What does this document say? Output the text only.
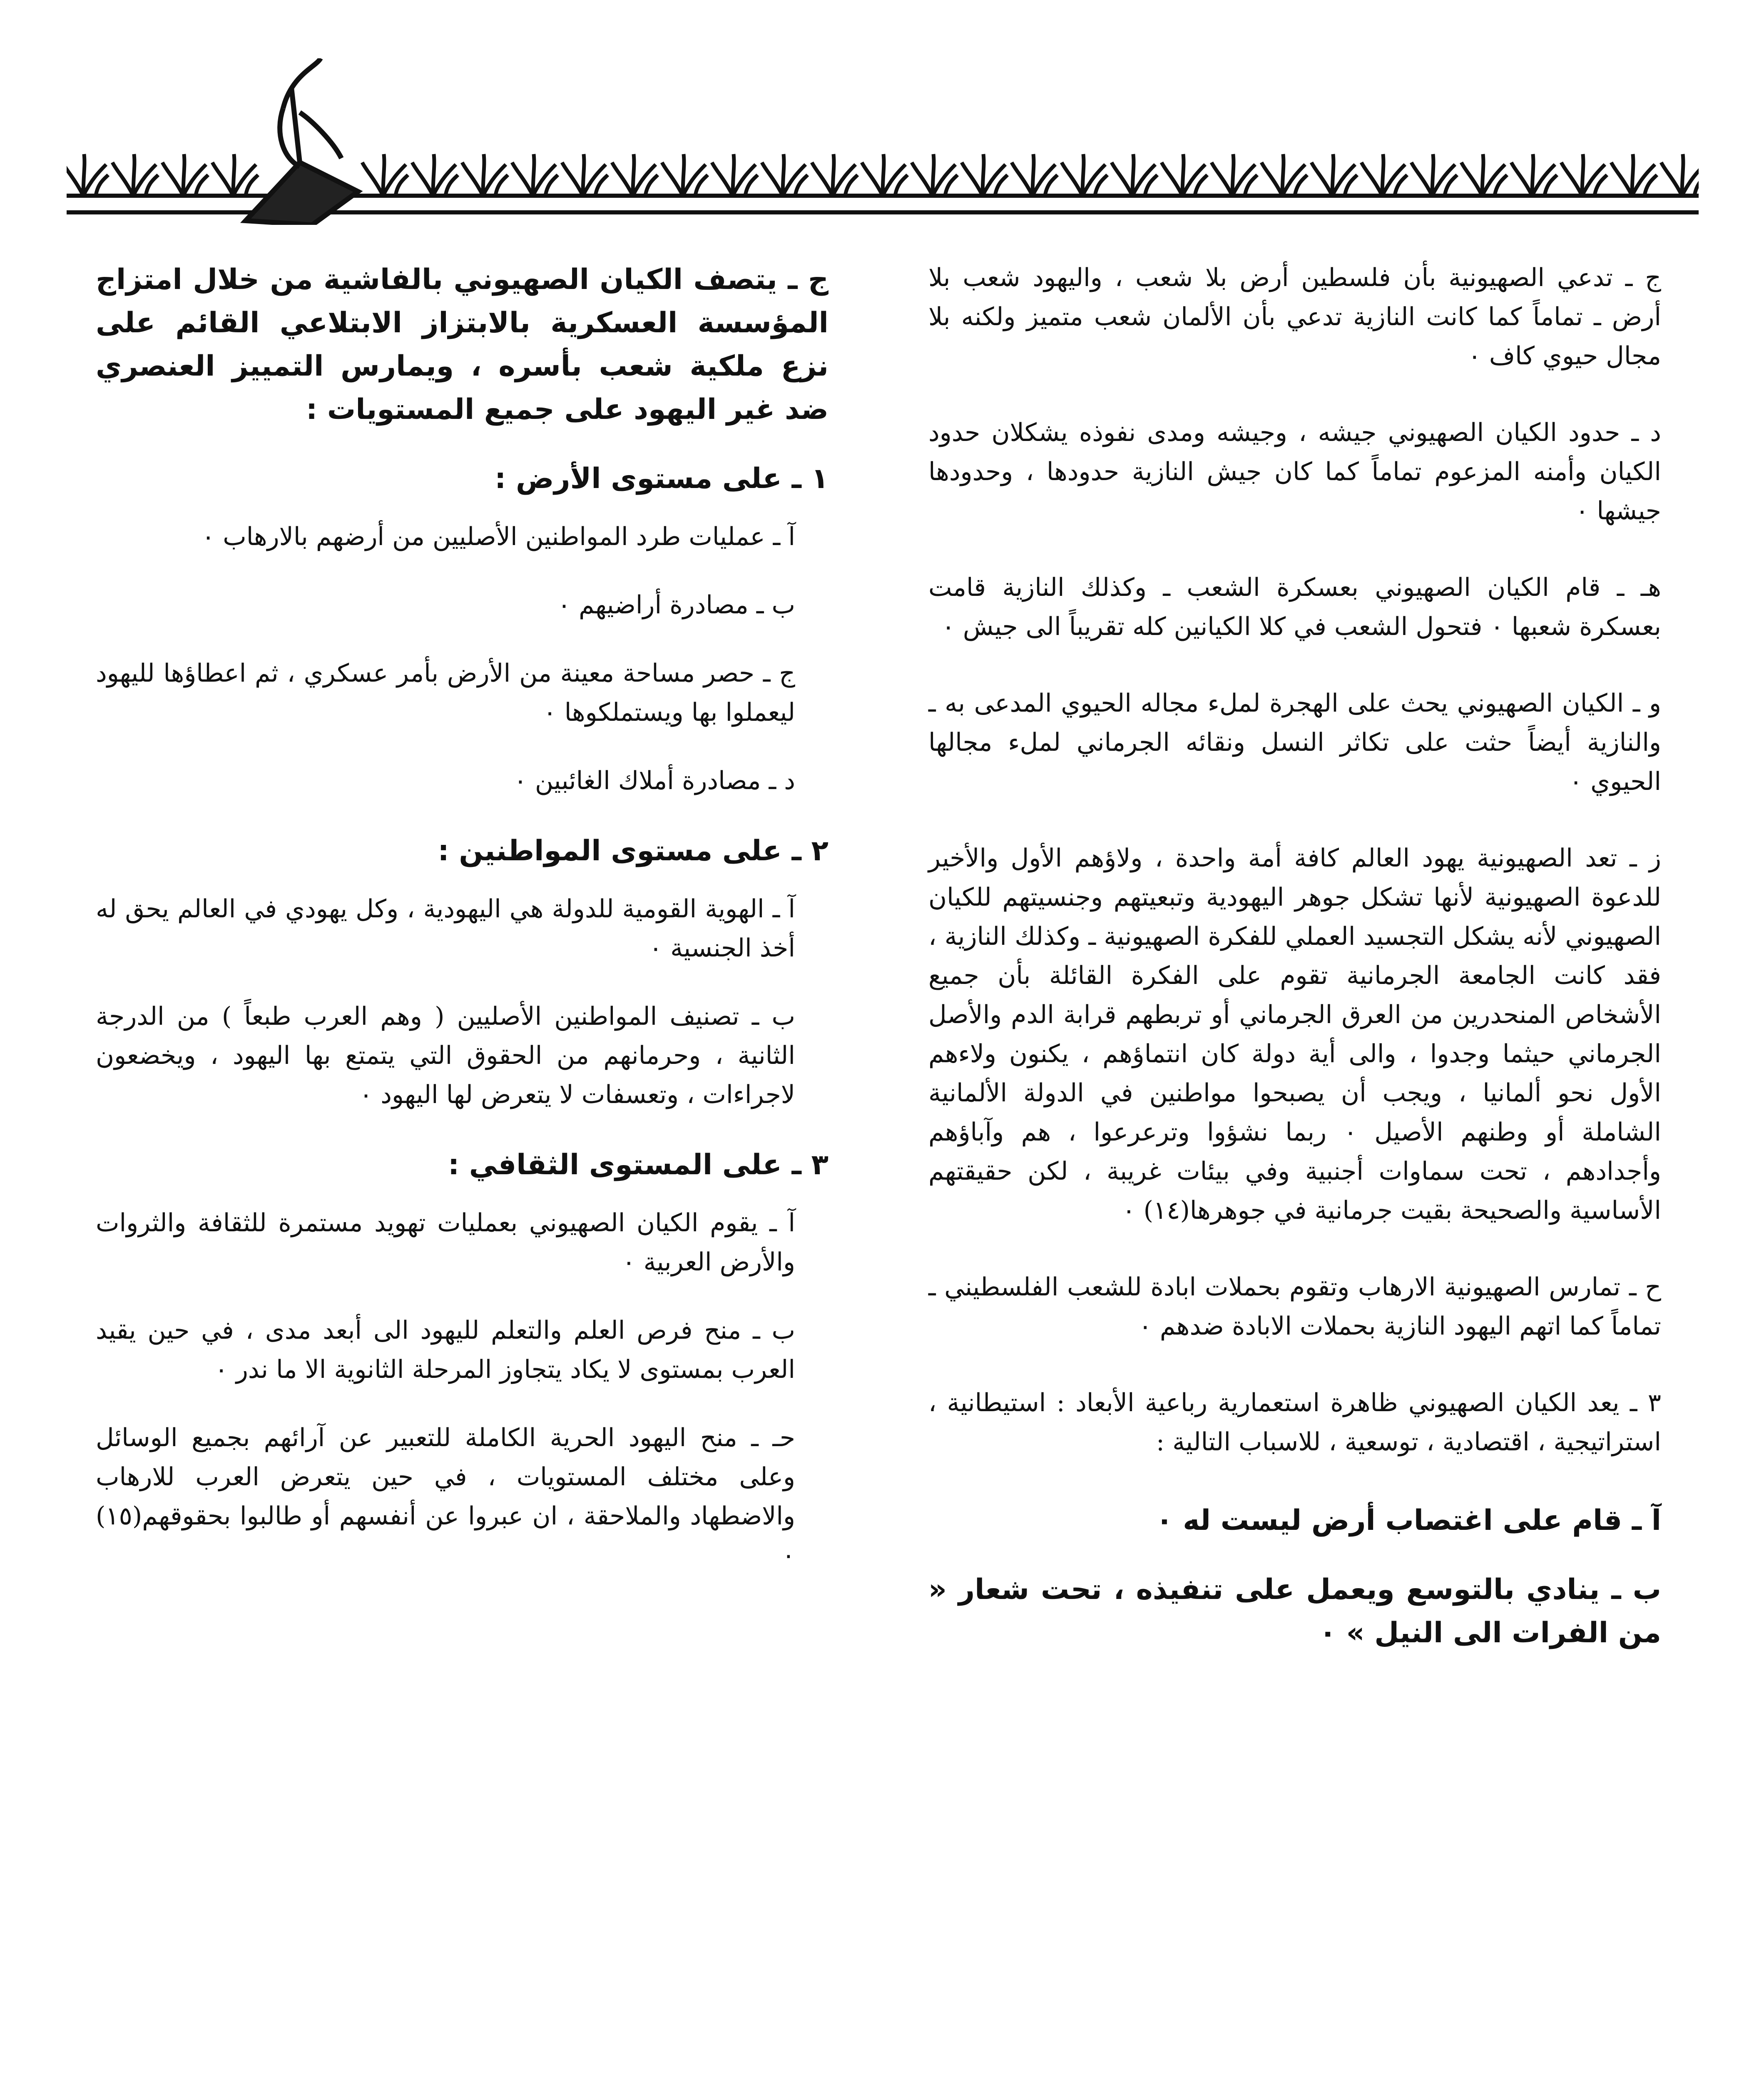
ج ـ تدعي الصهيونية بأن فلسطين أرض بلا شعب ، واليهود شعب بلا أرض ـ تماماً كما كانت النازية تدعي بأن الألمان شعب متميز ولكنه بلا مجال حيوي كاف ٠

د ـ حدود الكيان الصهيوني جيشه ، وجيشه ومدى نفوذه يشكلان حدود الكيان وأمنه المزعوم تماماً كما كان جيش النازية حدودها ، وحدودها جيشها ٠

هـ ـ قام الكيان الصهيوني بعسكرة الشعب ـ وكذلك النازية قامت بعسكرة شعبها ٠ فتحول الشعب في كلا الكيانين كله تقريباً الى جيش ٠

و ـ الكيان الصهيوني يحث على الهجرة لملء مجاله الحيوي المدعى به ـ والنازية أيضاً حثت على تكاثر النسل ونقائه الجرماني لملء مجالها الحيوي ٠

ز ـ تعد الصهيونية يهود العالم كافة أمة واحدة ، ولاؤهم الأول والأخير للدعوة الصهيونية لأنها تشكل جوهر اليهودية وتبعيتهم وجنسيتهم للكيان الصهيوني لأنه يشكل التجسيد العملي للفكرة الصهيونية ـ وكذلك النازية ، فقد كانت الجامعة الجرمانية تقوم على الفكرة القائلة بأن جميع الأشخاص المنحدرين من العرق الجرماني أو تربطهم قرابة الدم والأصل الجرماني حيثما وجدوا ، والى أية دولة كان انتماؤهم ، يكنون ولاءهم الأول نحو ألمانيا ، ويجب أن يصبحوا مواطنين في الدولة الألمانية الشاملة أو وطنهم الأصيل ٠ ربما نشؤوا وترعرعوا ، هم وآباؤهم وأجدادهم ، تحت سماوات أجنبية وفي بيئات غريبة ، لكن حقيقتهم الأساسية والصحيحة بقيت جرمانية في جوهرها(١٤) ٠

ح ـ تمارس الصهيونية الارهاب وتقوم بحملات ابادة للشعب الفلسطيني ـ تماماً كما اتهم اليهود النازية بحملات الابادة ضدهم ٠

٣ ـ يعد الكيان الصهيوني ظاهرة استعمارية رباعية الأبعاد : استيطانية ، استراتيجية ، اقتصادية ، توسعية ، للاسباب التالية :

آ ـ قام على اغتصاب أرض ليست له ٠

ب ـ ينادي بالتوسع ويعمل على تنفيذه ، تحت شعار « من الفرات الى النيل » ٠

ج ـ يتصف الكيان الصهيوني بالفاشية من خلال امتزاج المؤسسة العسكرية بالابتزاز الابتلاعي القائم على نزع ملكية شعب بأسره ، ويمارس التمييز العنصري ضد غير اليهود على جميع المستويات :

١ ـ على مستوى الأرض :

آ ـ عمليات طرد المواطنين الأصليين من أرضهم بالارهاب ٠

ب ـ مصادرة أراضيهم ٠

ج ـ حصر مساحة معينة من الأرض بأمر عسكري ، ثم اعطاؤها لليهود ليعملوا بها ويستملكوها ٠

د ـ مصادرة أملاك الغائبين ٠

٢ ـ على مستوى المواطنين :

آ ـ الهوية القومية للدولة هي اليهودية ، وكل يهودي في العالم يحق له أخذ الجنسية ٠

ب ـ تصنيف المواطنين الأصليين ( وهم العرب طبعاً ) من الدرجة الثانية ، وحرمانهم من الحقوق التي يتمتع بها اليهود ، ويخضعون لاجراءات ، وتعسفات لا يتعرض لها اليهود ٠

٣ ـ على المستوى الثقافي :

آ ـ يقوم الكيان الصهيوني بعمليات تهويد مستمرة للثقافة والثروات والأرض العربية ٠

ب ـ منح فرص العلم والتعلم لليهود الى أبعد مدى ، في حين يقيد العرب بمستوى لا يكاد يتجاوز المرحلة الثانوية الا ما ندر ٠

حـ ـ منح اليهود الحرية الكاملة للتعبير عن آرائهم بجميع الوسائل وعلى مختلف المستويات ، في حين يتعرض العرب للارهاب والاضطهاد والملاحقة ، ان عبروا عن أنفسهم أو طالبوا بحقوقهم(١٥) ٠
